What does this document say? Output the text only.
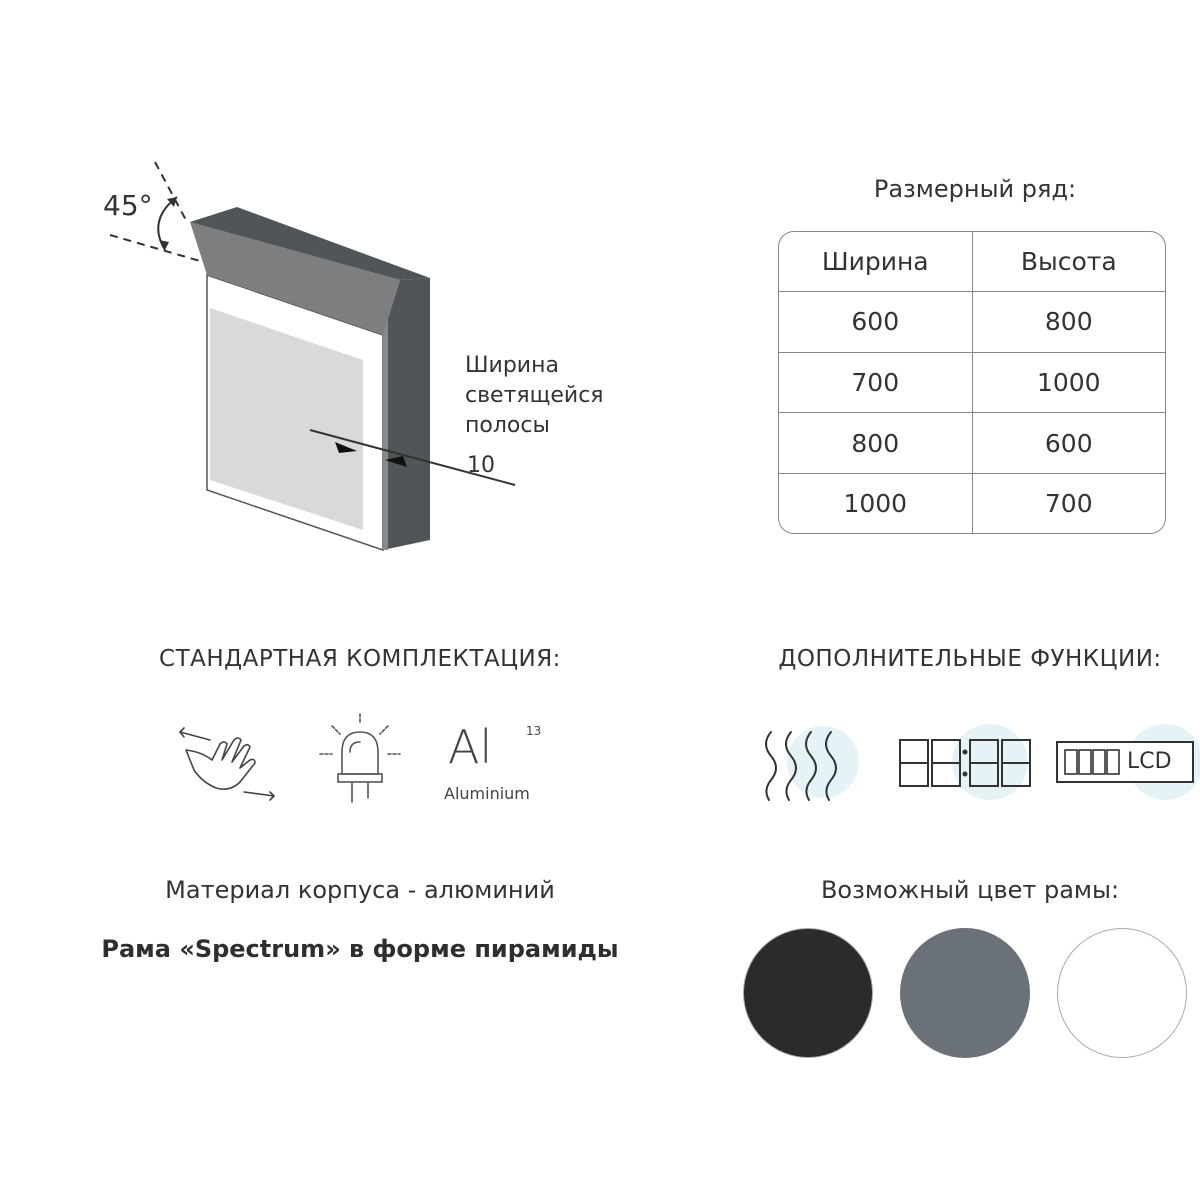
45°
Ширина
светящейся
полосы
10
Размерный ряд:
Ширина	Высота
600	800
700	1000
800	600
1000	700
СТАНДАРТНАЯ КОМПЛЕКТАЦИЯ:	ДОПОЛНИТЕЛЬНЫЕ ФУНКЦИИ:
Al	13
Aluminium
LCD
Материал корпуса - алюминий
Рама «Spectrum» в форме пирамиды
Возможный цвет рамы:
